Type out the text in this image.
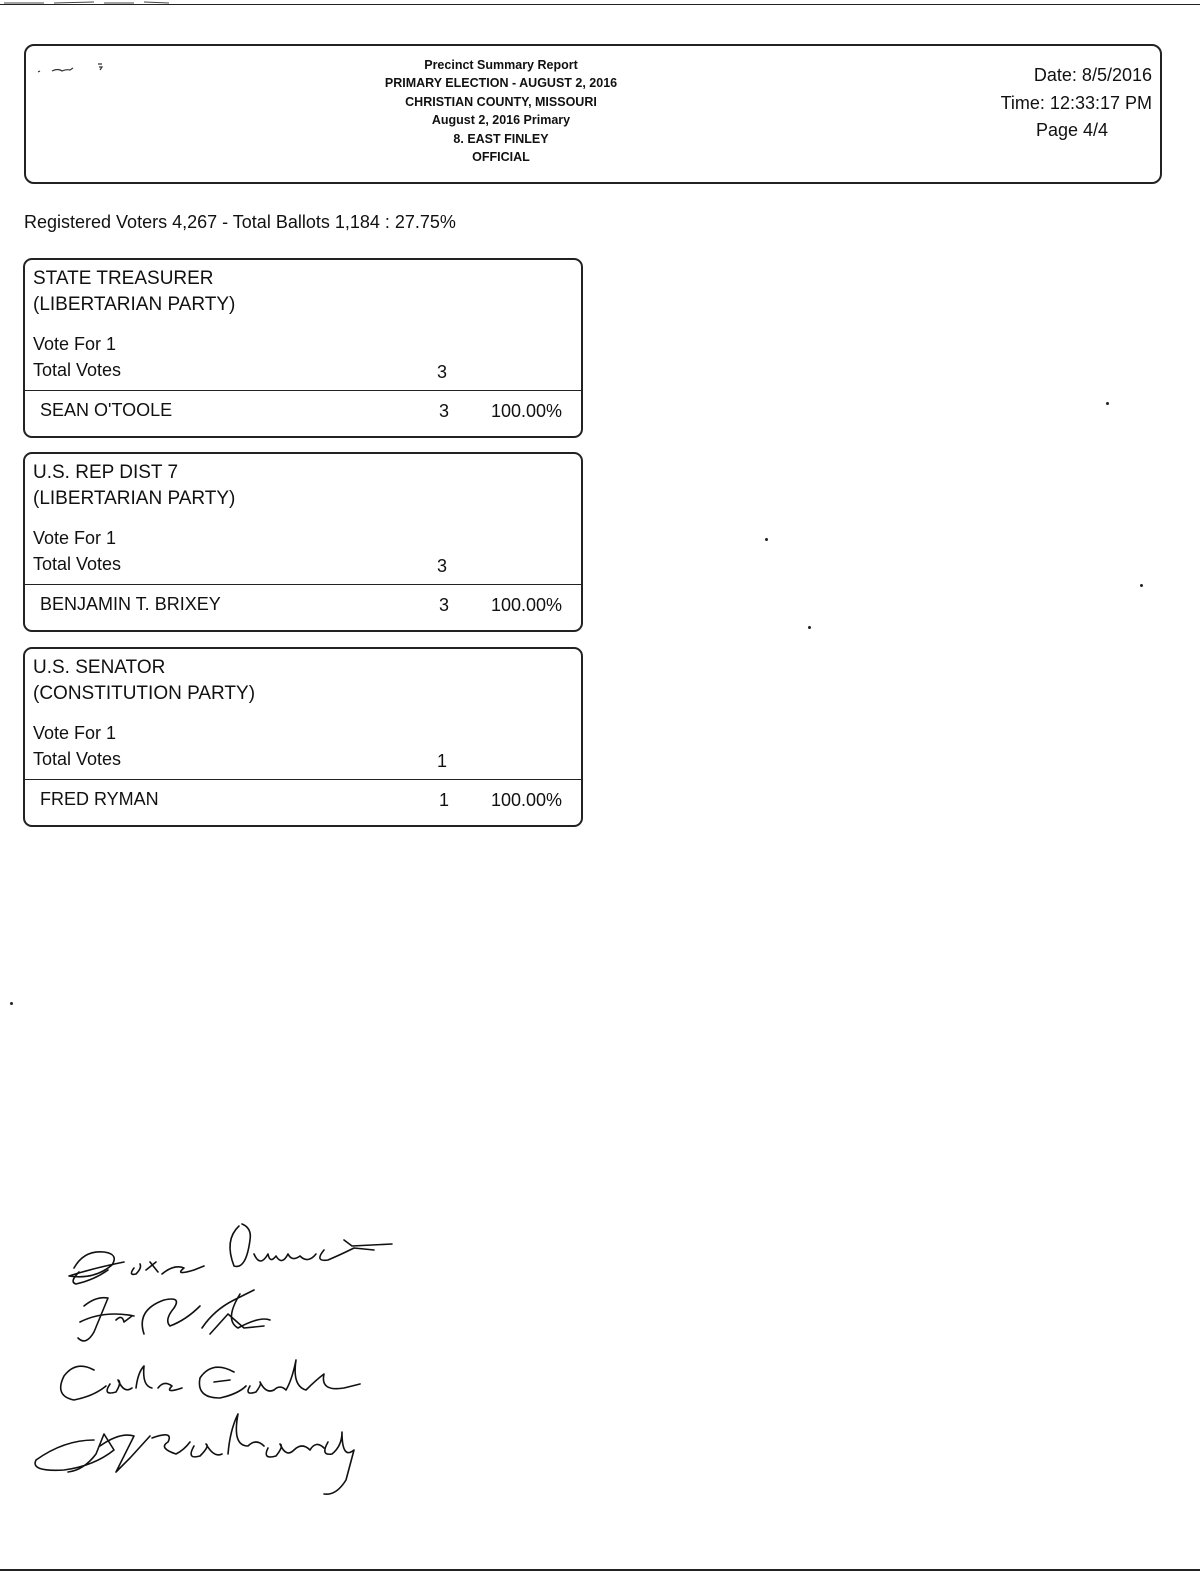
Precinct Summary Report
PRIMARY ELECTION - AUGUST 2, 2016
CHRISTIAN COUNTY, MISSOURI
August 2, 2016 Primary
8. EAST FINLEY
OFFICIAL
Date: 8/5/2016
Time: 12:33:17 PM
Page 4/4
Registered Voters 4,267 - Total Ballots 1,184 : 27.75%
STATE TREASURER
(LIBERTARIAN PARTY)
Vote For 1
Total Votes	3
SEAN O'TOOLE	3 100.00%
U.S. REP DIST 7
(LIBERTARIAN PARTY)
Vote For 1
Total Votes	3
BENJAMIN T. BRIXEY	3 100.00%
U.S. SENATOR
(CONSTITUTION PARTY)
Vote For 1
Total Votes	1
FRED RYMAN	1 100.00%
